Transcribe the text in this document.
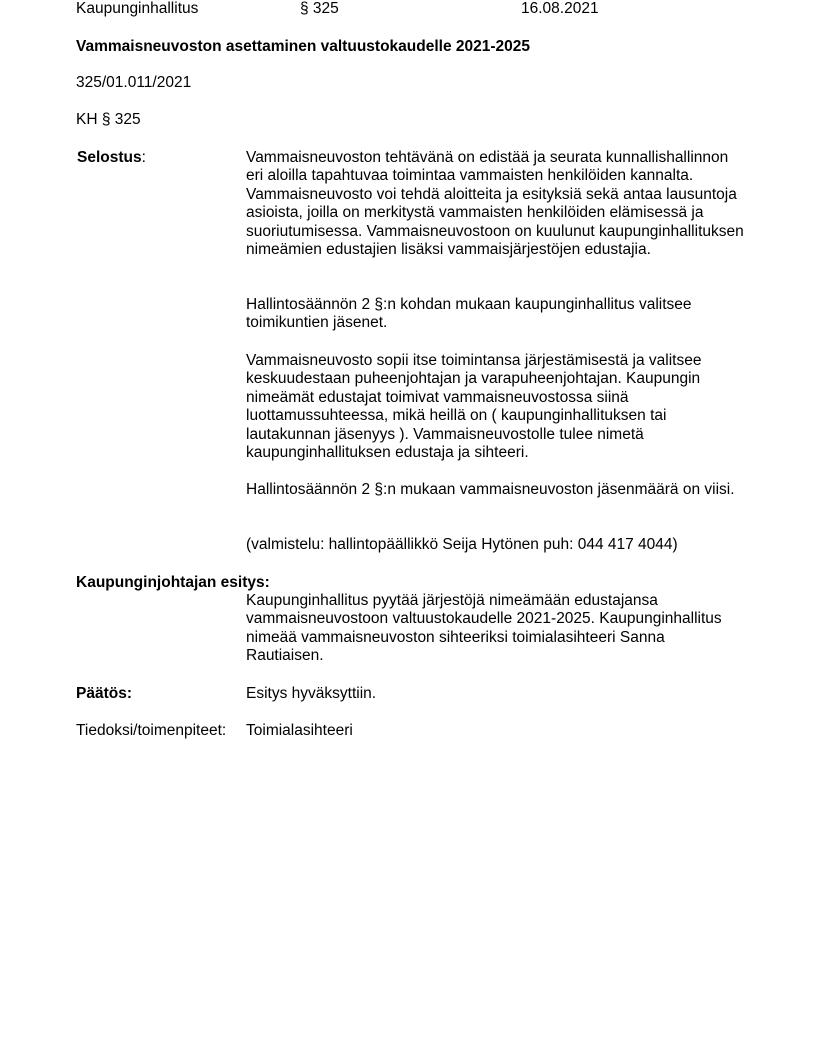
Kaupunginhallitus	§ 325	16.08.2021
Vammaisneuvoston asettaminen valtuustokaudelle 2021-2025
325/01.011/2021
KH § 325
Selostus:	Vammaisneuvoston tehtävänä on edistää ja seurata kunnallishallinnon eri aloilla tapahtuvaa toimintaa vammaisten henkilöiden kannalta. Vammaisneuvosto voi tehdä aloitteita ja esityksiä sekä antaa lausuntoja asioista, joilla on merkitystä vammaisten henkilöiden elämisessä ja suoriutumisessa. Vammaisneuvostoon on kuulunut kaupunginhallituksen nimeämien edustajien lisäksi vammaisjärjestöjen edustajia.

Hallintosäännön 2 §:n kohdan mukaan kaupunginhallitus valitsee toimikuntien jäsenet.

Vammaisneuvosto sopii itse toimintansa järjestämisestä ja valitsee keskuudestaan puheenjohtajan ja varapuheenjohtajan. Kaupungin nimeämät edustajat toimivat vammaisneuvostossa siinä luottamussuhteessa, mikä heillä on ( kaupunginhallituksen tai lautakunnan jäsenyys ). Vammaisneuvostolle tulee nimetä kaupunginhallituksen edustaja ja sihteeri.

Hallintosäännön 2 §:n mukaan vammaisneuvoston jäsenmäärä on viisi.

(valmistelu: hallintopäällikkö Seija Hytönen puh: 044 417 4044)

Kaupunginjohtajan esitys:

Kaupunginhallitus pyytää järjestöjä nimeämään edustajansa vammaisneuvostoon valtuustokaudelle 2021-2025. Kaupunginhallitus nimeää vammaisneuvoston sihteeriksi toimialasihteeri Sanna Rautiaisen.

Päätös:	Esitys hyväksyttiin.
Tiedoksi/toimenpiteet: Toimialasihteeri
